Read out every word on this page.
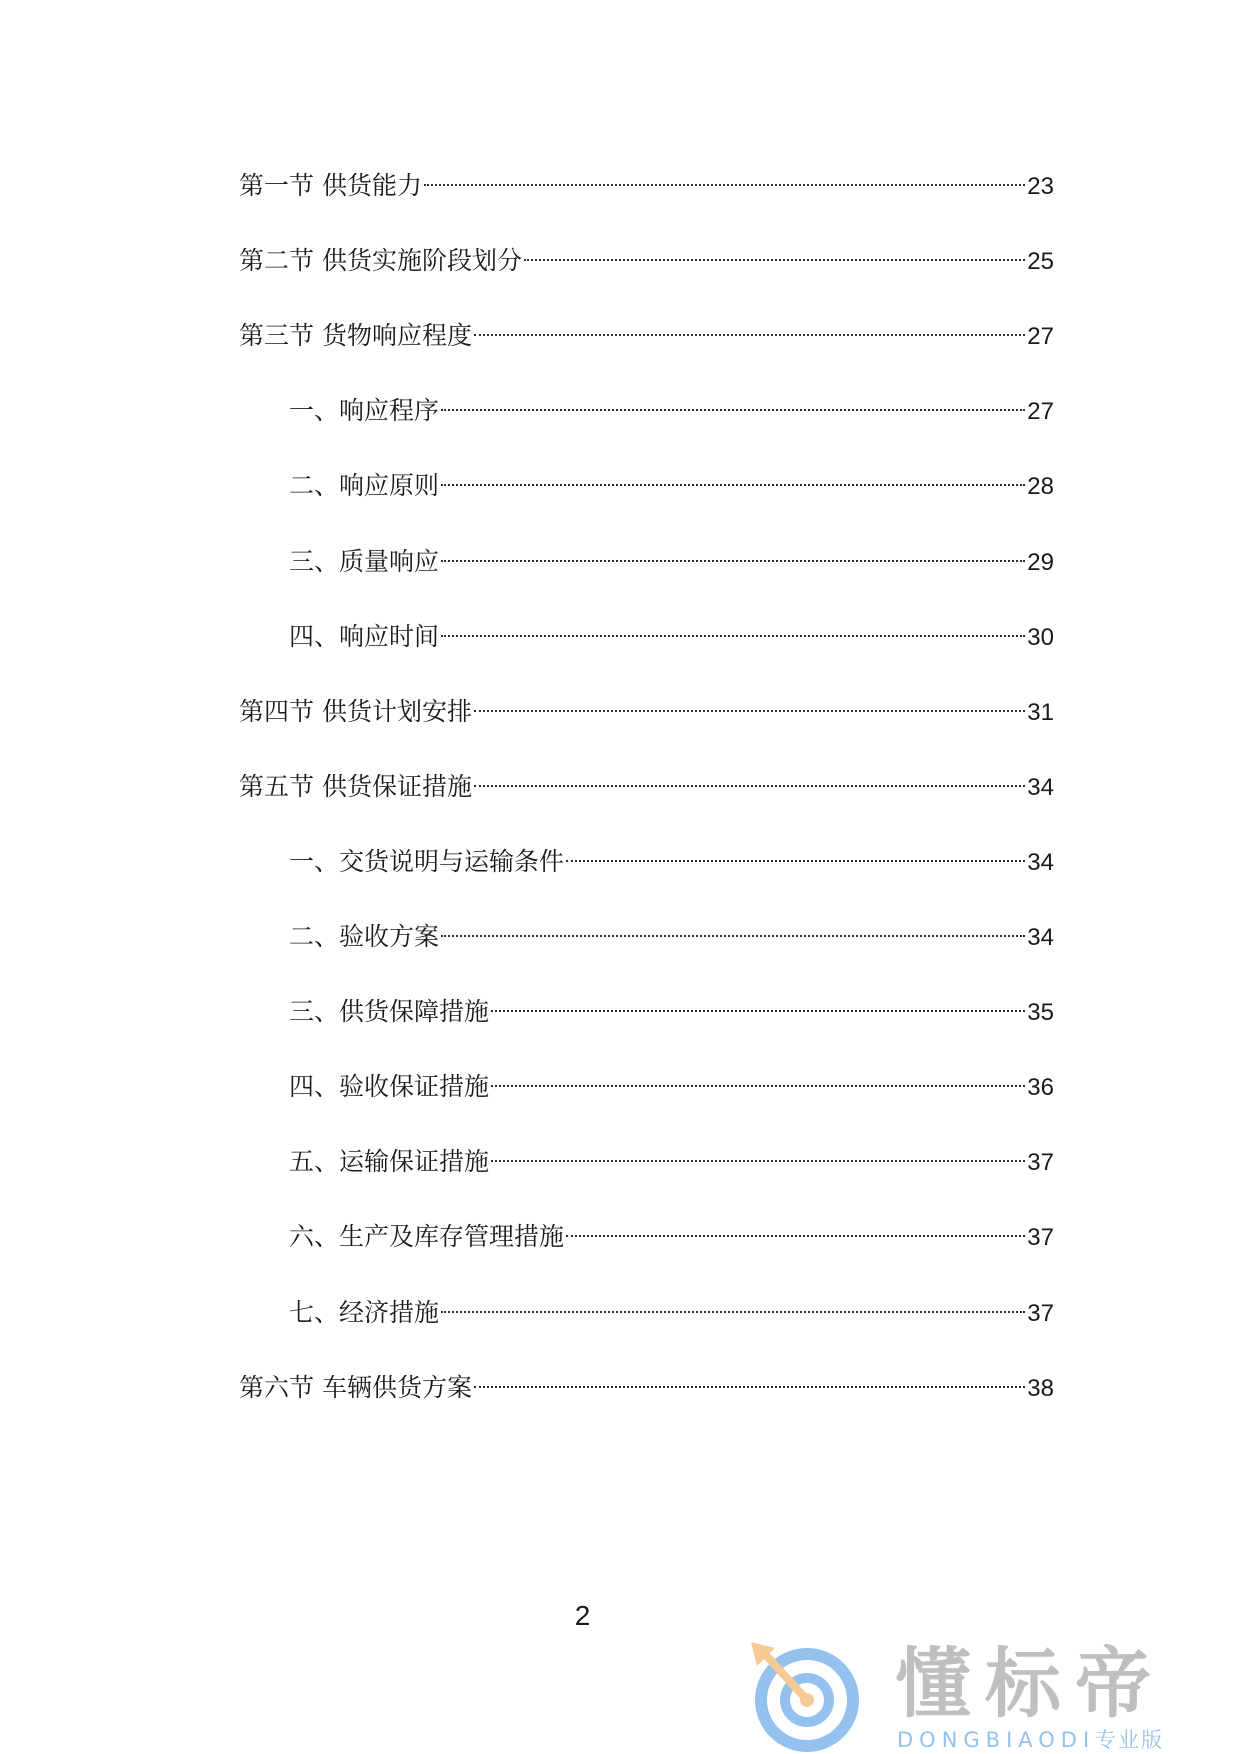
第一节 供货能力	23
第二节 供货实施阶段划分	25
第三节 货物响应程度	27
一、响应程序	27
二、响应原则	28
三、质量响应	29
四、响应时间	30
第四节 供货计划安排	31
第五节 供货保证措施	34
一、交货说明与运输条件	34
二、验收方案	34
三、供货保障措施	35
四、验收保证措施	36
五、运输保证措施	37
六、生产及库存管理措施	37
七、经济措施	37
第六节 车辆供货方案	38
2
懂标帝
DONGBIAODI专业版
